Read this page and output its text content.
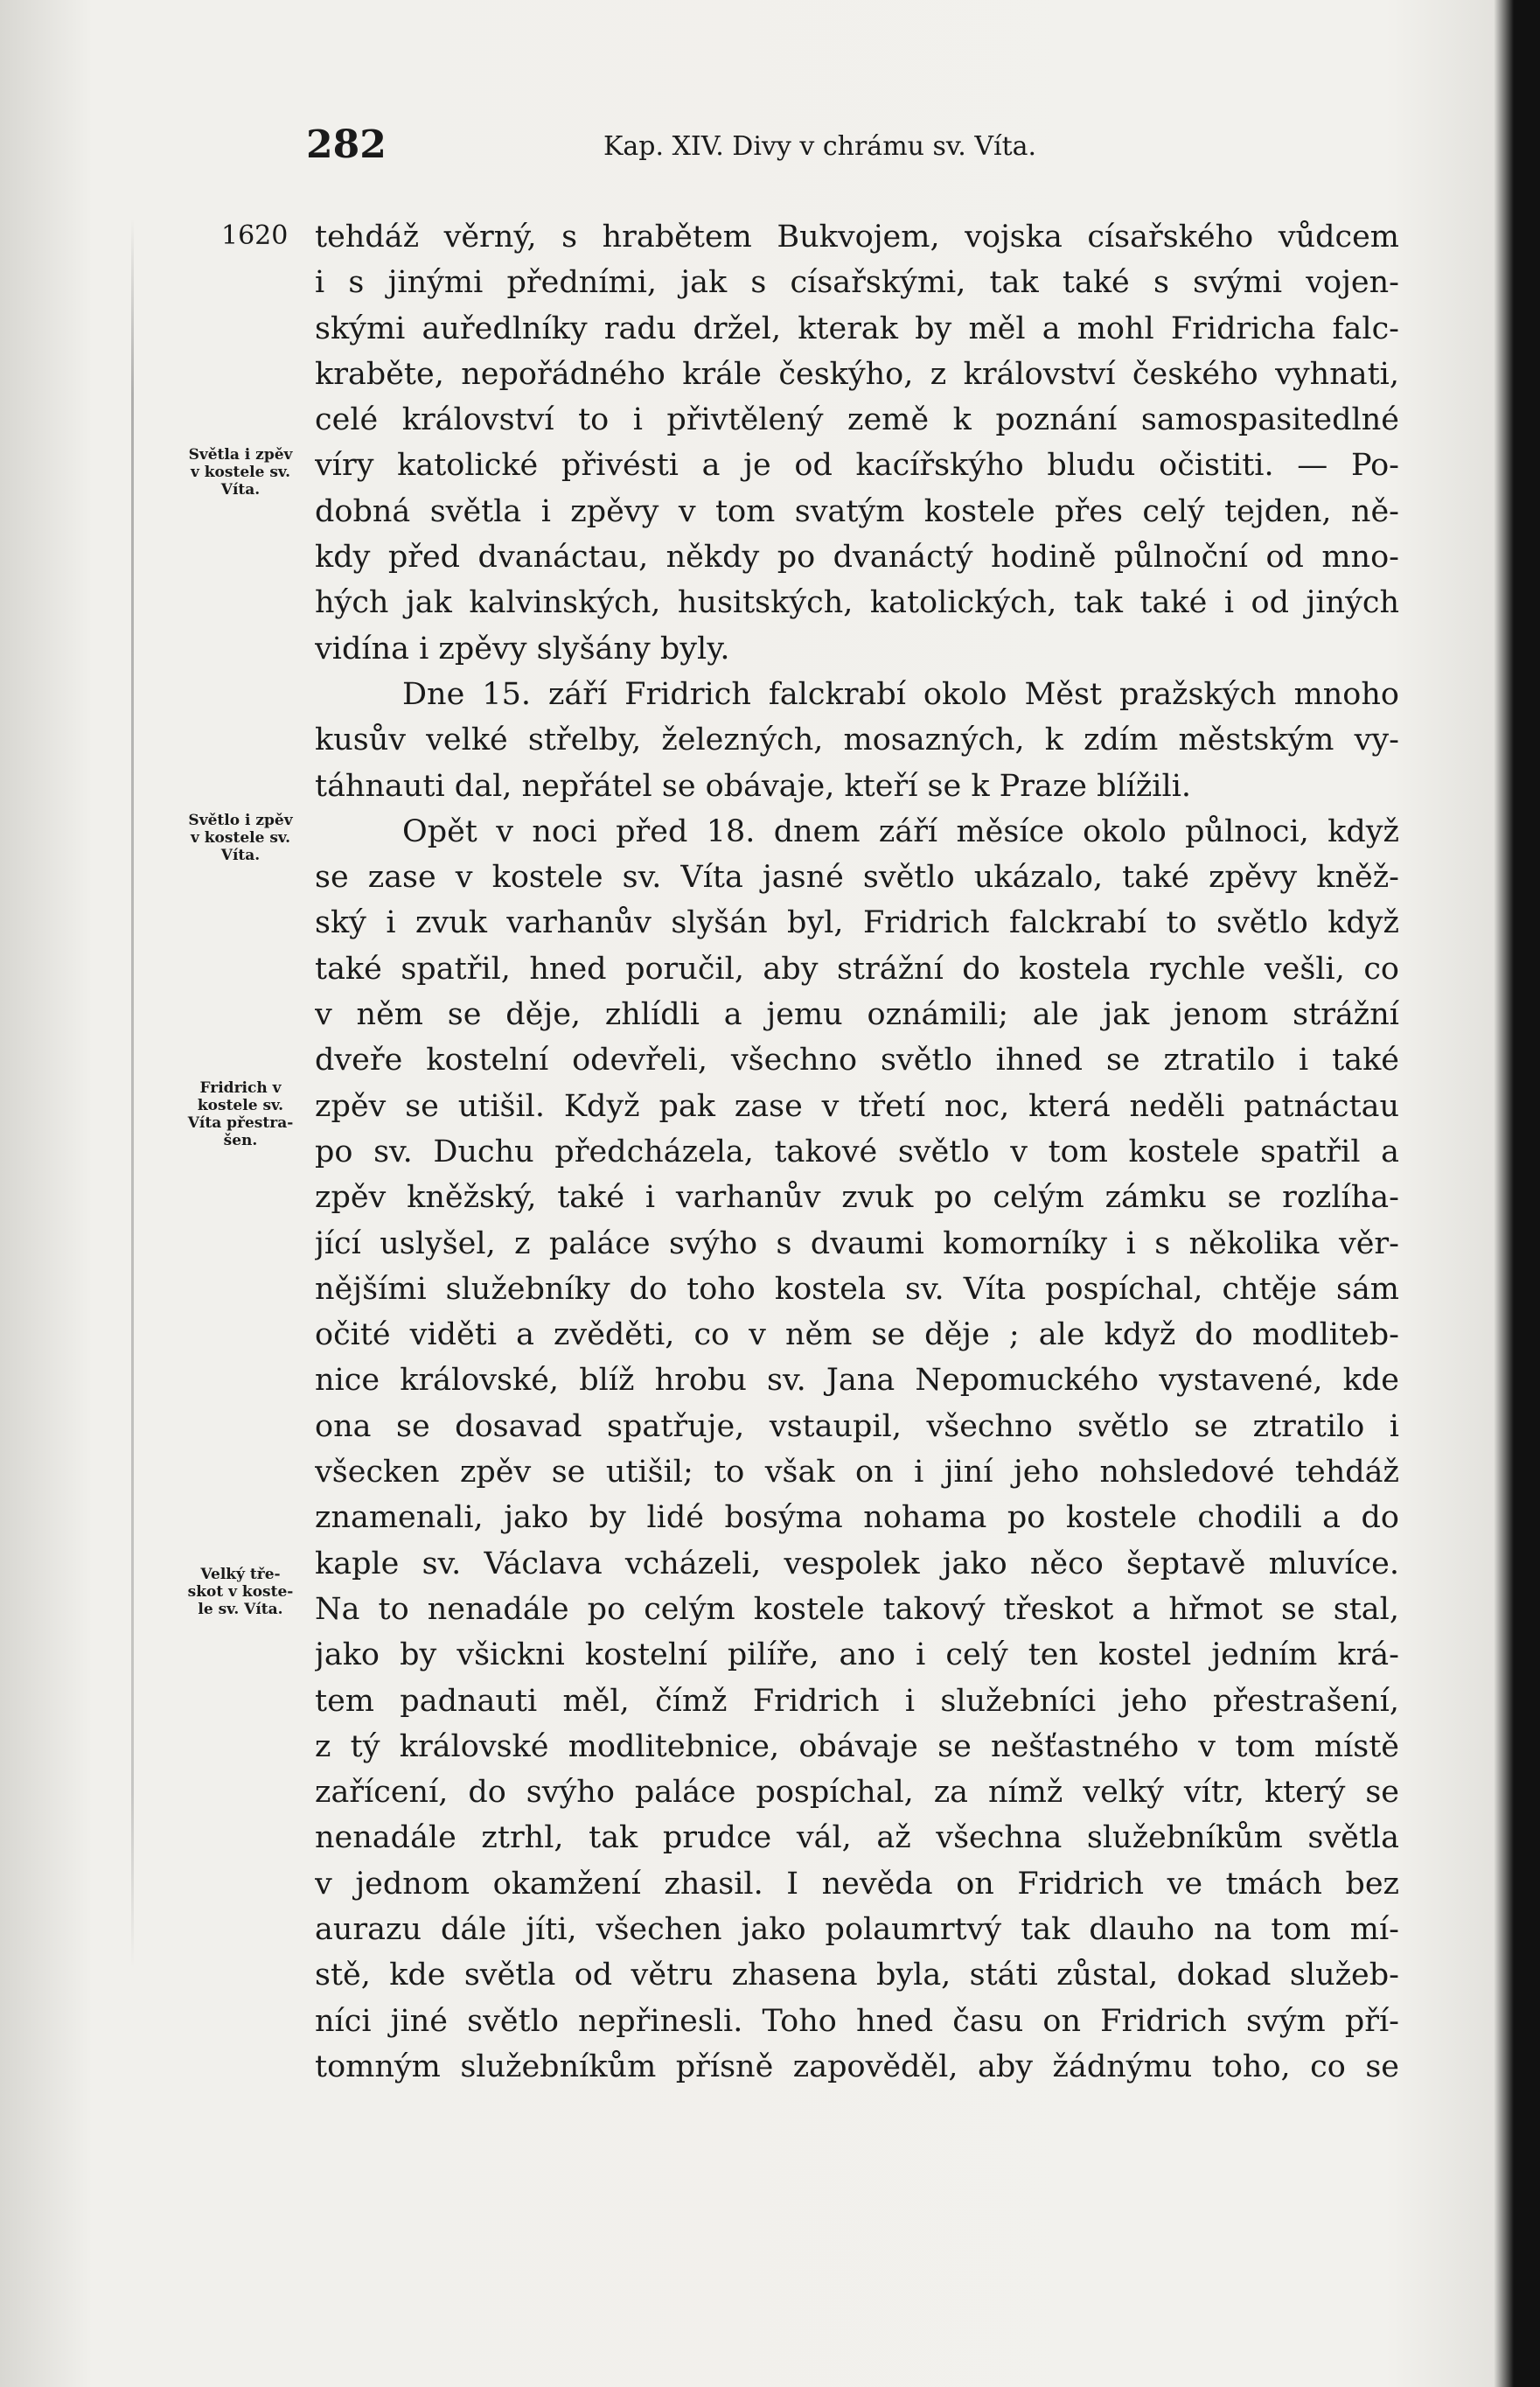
282	Kap. XIV. Divy v chrámu sv. Víta.
1620
Světla i zpěv
v kostele sv.
Víta.
Světlo i zpěv
v kostele sv.
Víta.
Fridrich v
kostele sv.
Víta přestra-
šen.
Velký tře-
skot v koste-
le sv. Víta.
tehdáž věrný, s hrabětem Bukvojem, vojska císařského vůdcem
i s jinými předními, jak s císařskými, tak také s svými vojen-
skými auředlníky radu držel, kterak by měl a mohl Fridricha falc-
kraběte, nepořádného krále českýho, z království českého vyhnati,
celé království to i přivtělený země k poznání samospasitedlné
víry katolické přivésti a je od kacířskýho bludu očistiti. — Po-
dobná světla i zpěvy v tom svatým kostele přes celý tejden, ně-
kdy před dvanáctau, někdy po dvanáctý hodině půlnoční od mno-
hých jak kalvinských, husitských, katolických, tak také i od jiných
vidína i zpěvy slyšány byly.
Dne 15. září Fridrich falckrabí okolo Měst pražských mnoho
kusův velké střelby, železných, mosazných, k zdím městským vy-
táhnauti dal, nepřátel se obávaje, kteří se k Praze blížili.
Opět v noci před 18. dnem září měsíce okolo půlnoci, když
se zase v kostele sv. Víta jasné světlo ukázalo, také zpěvy kněž-
ský i zvuk varhanův slyšán byl, Fridrich falckrabí to světlo když
také spatřil, hned poručil, aby strážní do kostela rychle vešli, co
v něm se děje, zhlídli a jemu oznámili; ale jak jenom strážní
dveře kostelní odevřeli, všechno světlo ihned se ztratilo i také
zpěv se utišil. Když pak zase v třetí noc, která neděli patnáctau
po sv. Duchu předcházela, takové světlo v tom kostele spatřil a
zpěv kněžský, také i varhanův zvuk po celým zámku se rozlíha-
jící uslyšel, z paláce svýho s dvaumi komorníky i s několika věr-
nějšími služebníky do toho kostela sv. Víta pospíchal, chtěje sám
očité viděti a zvěděti, co v něm se děje ; ale když do modliteb-
nice královské, blíž hrobu sv. Jana Nepomuckého vystavené, kde
ona se dosavad spatřuje, vstaupil, všechno světlo se ztratilo i
všecken zpěv se utišil; to však on i jiní jeho nohsledové tehdáž
znamenali, jako by lidé bosýma nohama po kostele chodili a do
kaple sv. Václava vcházeli, vespolek jako něco šeptavě mluvíce.
Na to nenadále po celým kostele takový třeskot a hřmot se stal,
jako by všickni kostelní pilíře, ano i celý ten kostel jedním krá-
tem padnauti měl, čímž Fridrich i služebníci jeho přestrašení,
z tý královské modlitebnice, obávaje se nešťastného v tom místě
zařícení, do svýho paláce pospíchal, za nímž velký vítr, který se
nenadále ztrhl, tak prudce vál, až všechna služebníkům světla
v jednom okamžení zhasil. I nevěda on Fridrich ve tmách bez
aurazu dále jíti, všechen jako polaumrtvý tak dlauho na tom mí-
stě, kde světla od větru zhasena byla, státi zůstal, dokad služeb-
níci jiné světlo nepřinesli. Toho hned času on Fridrich svým pří-
tomným služebníkům přísně zapověděl, aby žádnýmu toho, co se
